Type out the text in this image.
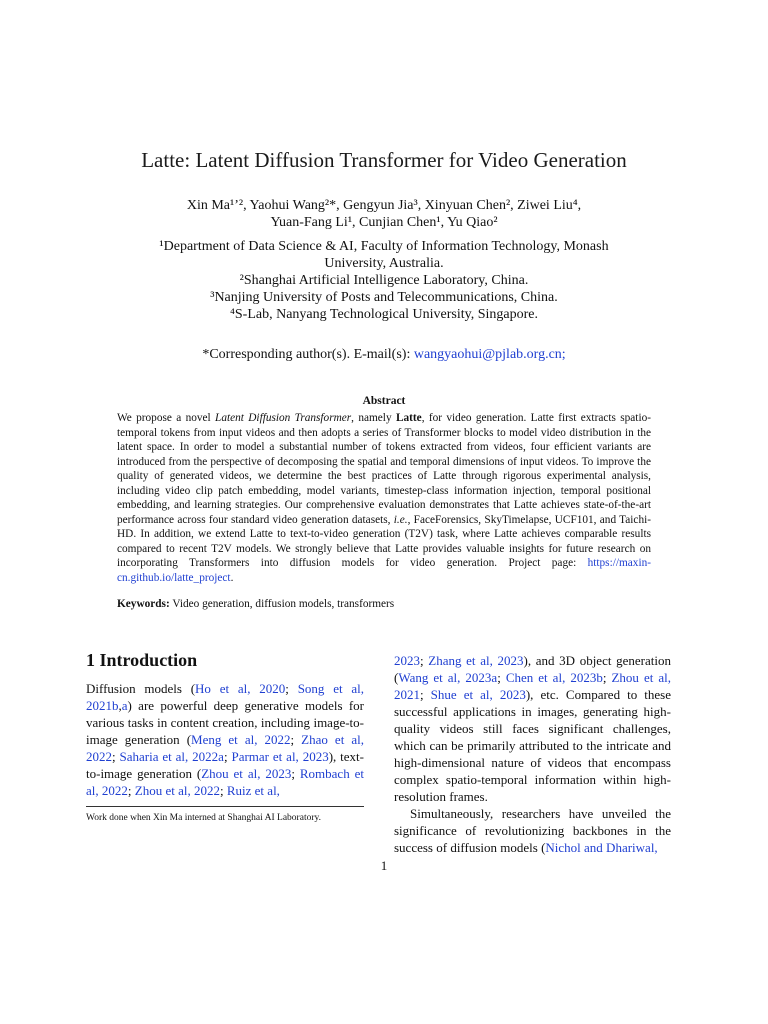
Latte: Latent Diffusion Transformer for Video Generation
Xin Ma¹ʼ², Yaohui Wang²*, Gengyun Jia³, Xinyuan Chen², Ziwei Liu⁴,
Yuan-Fang Li¹, Cunjian Chen¹, Yu Qiao²
¹Department of Data Science & AI, Faculty of Information Technology, Monash
University, Australia.
²Shanghai Artificial Intelligence Laboratory, China.
³Nanjing University of Posts and Telecommunications, China.
⁴S-Lab, Nanyang Technological University, Singapore.
*Corresponding author(s). E-mail(s): wangyaohui@pjlab.org.cn;
Abstract
We propose a novel Latent Diffusion Transformer, namely Latte, for video generation. Latte first extracts spatio-temporal tokens from input videos and then adopts a series of Transformer blocks to model video distribution in the latent space. In order to model a substantial number of tokens extracted from videos, four efficient variants are introduced from the perspective of decomposing the spatial and temporal dimensions of input videos. To improve the quality of generated videos, we determine the best practices of Latte through rigorous experimental analysis, including video clip patch embedding, model variants, timestep-class information injection, temporal positional embedding, and learning strategies. Our comprehensive evaluation demonstrates that Latte achieves state-of-the-art performance across four standard video generation datasets, i.e., FaceForensics, SkyTimelapse, UCF101, and Taichi-HD. In addition, we extend Latte to text-to-video generation (T2V) task, where Latte achieves comparable results compared to recent T2V models. We strongly believe that Latte provides valuable insights for future research on incorporating Transformers into diffusion models for video generation. Project page: https://maxin-cn.github.io/latte_project.
Keywords: Video generation, diffusion models, transformers
1 Introduction
Diffusion models (Ho et al, 2020; Song et al, 2021b,a) are powerful deep generative models for various tasks in content creation, including image-to-image generation (Meng et al, 2022; Zhao et al, 2022; Saharia et al, 2022a; Parmar et al, 2023), text-to-image generation (Zhou et al, 2023; Rombach et al, 2022; Zhou et al, 2022; Ruiz et al,
2023; Zhang et al, 2023), and 3D object generation (Wang et al, 2023a; Chen et al, 2023b; Zhou et al, 2021; Shue et al, 2023), etc. Compared to these successful applications in images, generating high-quality videos still faces significant challenges, which can be primarily attributed to the intricate and high-dimensional nature of videos that encompass complex spatio-temporal information within high-resolution frames.
Simultaneously, researchers have unveiled the significance of revolutionizing backbones in the success of diffusion models (Nichol and Dhariwal,
Work done when Xin Ma interned at Shanghai AI Laboratory.
1
